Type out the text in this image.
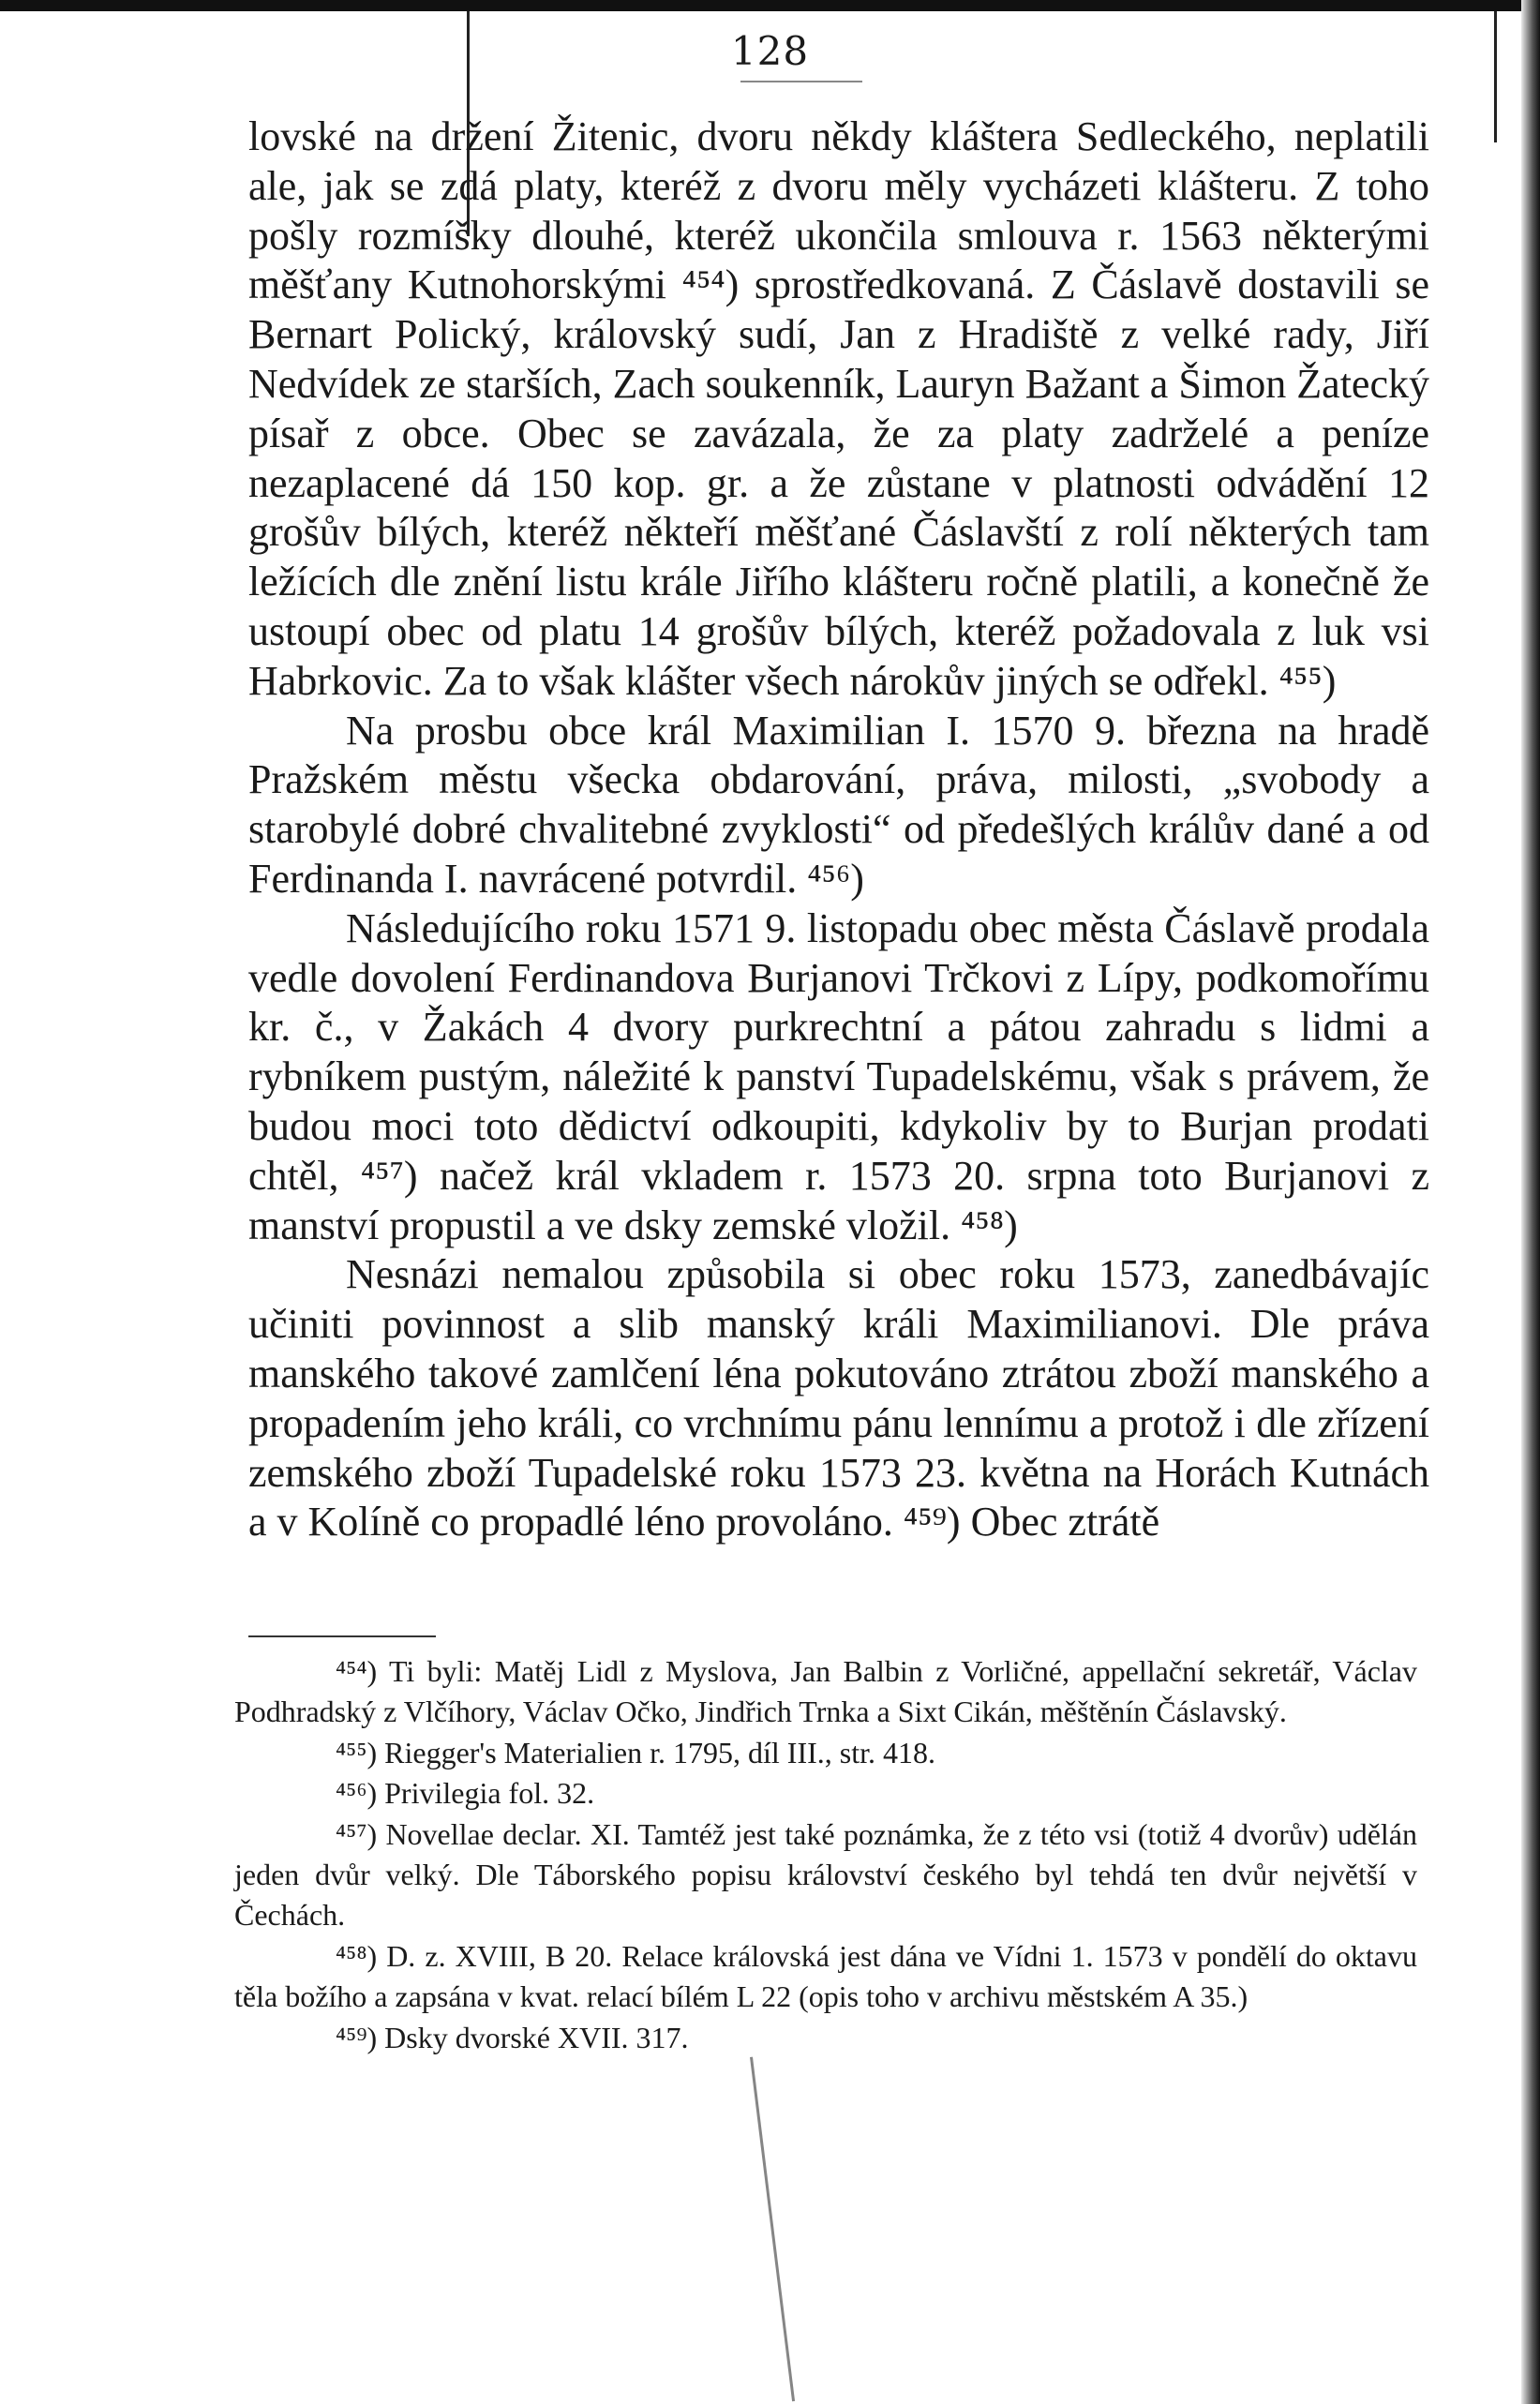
128

lovské na držení Žitenic, dvoru někdy kláštera Sedleckého, neplatili ale, jak se zdá platy, kteréž z dvoru měly vycházeti klášteru. Z toho pošly rozmíšky dlouhé, kteréž ukončila smlouva r. 1563 některými měšťany Kutnohorskými ⁴⁵⁴) sprostředkovaná. Z Čáslavě dostavili se Bernart Polický, královský sudí, Jan z Hradiště z velké rady, Jiří Nedvídek ze starších, Zach soukenník, Lauryn Bažant a Šimon Žatecký písař z obce. Obec se zavázala, že za platy zadrželé a peníze nezaplacené dá 150 kop. gr. a že zůstane v platnosti odvádění 12 grošův bílých, kteréž někteří měšťané Čáslavští z rolí některých tam ležících dle znění listu krále Jiřího klášteru ročně platili, a konečně že ustoupí obec od platu 14 grošův bílých, kteréž požadovala z luk vsi Habrkovic. Za to však klášter všech nárokův jiných se odřekl. ⁴⁵⁵)

Na prosbu obce král Maximilian I. 1570 9. března na hradě Pražském městu všecka obdarování, práva, milosti, „svobody a starobylé dobré chvalitebné zvyklosti“ od předešlých králův dané a od Ferdinanda I. navrácené potvrdil. ⁴⁵⁶)

Následujícího roku 1571 9. listopadu obec města Čáslavě prodala vedle dovolení Ferdinandova Burjanovi Trčkovi z Lípy, podkomořímu kr. č., v Žakách 4 dvory purkrechtní a pátou zahradu s lidmi a rybníkem pustým, náležité k panství Tupadelskému, však s právem, že budou moci toto dědictví odkoupiti, kdykoliv by to Burjan prodati chtěl, ⁴⁵⁷) načež král vkladem r. 1573 20. srpna toto Burjanovi z manství propustil a ve dsky zemské vložil. ⁴⁵⁸)

Nesnázi nemalou způsobila si obec roku 1573, zanedbávajíc učiniti povinnost a slib manský králi Maximilianovi. Dle práva manského takové zamlčení léna pokutováno ztrátou zboží manského a propadením jeho králi, co vrchnímu pánu lennímu a protož i dle zřízení zemského zboží Tupadelské roku 1573 23. května na Horách Kutnách a v Kolíně co propadlé léno provoláno. ⁴⁵⁹) Obec ztrátě

⁴⁵⁴) Ti byli: Matěj Lidl z Myslova, Jan Balbin z Vorličné, appellační sekretář, Václav Podhradský z Vlčíhory, Václav Očko, Jindřich Trnka a Sixt Cikán, měštěnín Čáslavský.

⁴⁵⁵) Riegger's Materialien r. 1795, díl III., str. 418.

⁴⁵⁶) Privilegia fol. 32.

⁴⁵⁷) Novellae declar. XI. Tamtéž jest také poznámka, že z této vsi (totiž 4 dvorův) udělán jeden dvůr velký. Dle Táborského popisu království českého byl tehdá ten dvůr největší v Čechách.

⁴⁵⁸) D. z. XVIII, B 20. Relace královská jest dána ve Vídni 1. 1573 v pondělí do oktavu těla božího a zapsána v kvat. relací bílém L 22 (opis toho v archivu městském A 35.)

⁴⁵⁹) Dsky dvorské XVII. 317.
